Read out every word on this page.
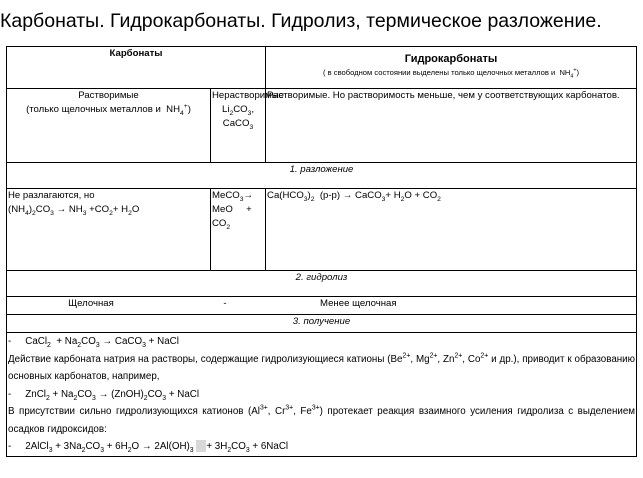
Карбонаты. Гидрокарбонаты. Гидролиз, термическое разложение.
Карбонаты		Гидрокарбонаты
( в свободном состоянии выделены только щелочных металлов и  $NH_4^+$)

Растворимые
(только щелочных металлов и  $NH_4^+$)	Нерастворимые $Li_2CO_3$, CaCO$_3$	Растворимые. Но растворимость меньше, чем у соответствующих карбонатов.
1. разложение		

Не разлагаются, но
$(NH_4)_2CO_3 \to NH_3 +CO_2+ H_2O$	MeCO$_3$→
MeO     +
$CO_2$	$Ca(HCO_3)_2$  (р-р) → CaCO$_3$+ $H_2O + CO_2$
2. гидролиз		

Щелочная - Менее щелочная		

3. получение		

- CaCl$_2$  + $Na_2CO_3$ → CaCO$_3$ + NaCl
Действие карбоната натрия на растворы, содержащие гидролизующиеся катионы ($Be^{2+}$, $Mg^{2+}$, $Zn^{2+}$, $Co^{2+}$ и др.), приводит к образованию основных карбонатов, например,
- ZnCl$_2$ + $Na_2CO_3$ → $(ZnOH)_2CO_3$ + NaCl
В присутствии сильно гидролизующихся катионов ($Al^{3+}$, $Cr^{3+}$, $Fe^{3+}$) протекает реакция взаимного усиления гидролиза с выделением осадков гидроксидов:
- 2AlCl$_3$ + $3Na_2CO_3 + 6H_2O \to 2Al(OH)_3 + 3H_2CO_3$ + 6NaCl		
